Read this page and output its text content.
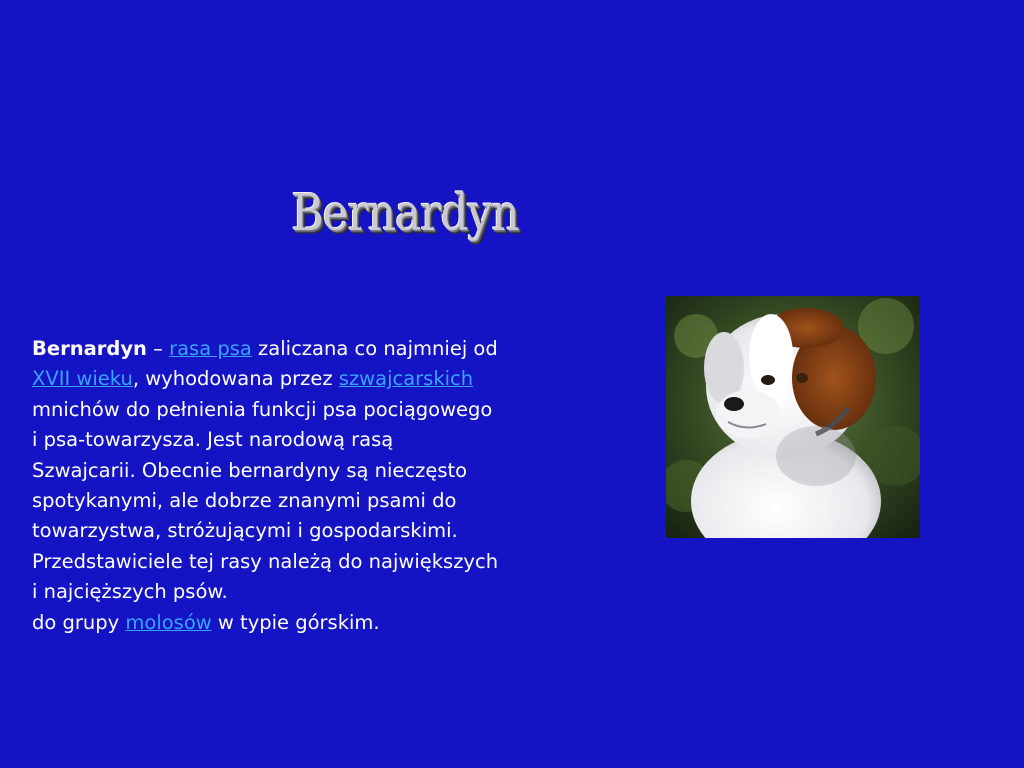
Bernardyn
Bernardyn – rasa psa zaliczana co najmniej od XVII wieku, wyhodowana przez szwajcarskich mnichów do pełnienia funkcji psa pociągowego i psa-towarzysza. Jest narodową rasą Szwajcarii. Obecnie bernardyny są nieczęsto spotykanymi, ale dobrze znanymi psami do towarzystwa, stróżującymi i gospodarskimi. Przedstawiciele tej rasy należą do największych i najcięższych psów.
do grupy molosów w typie górskim.
